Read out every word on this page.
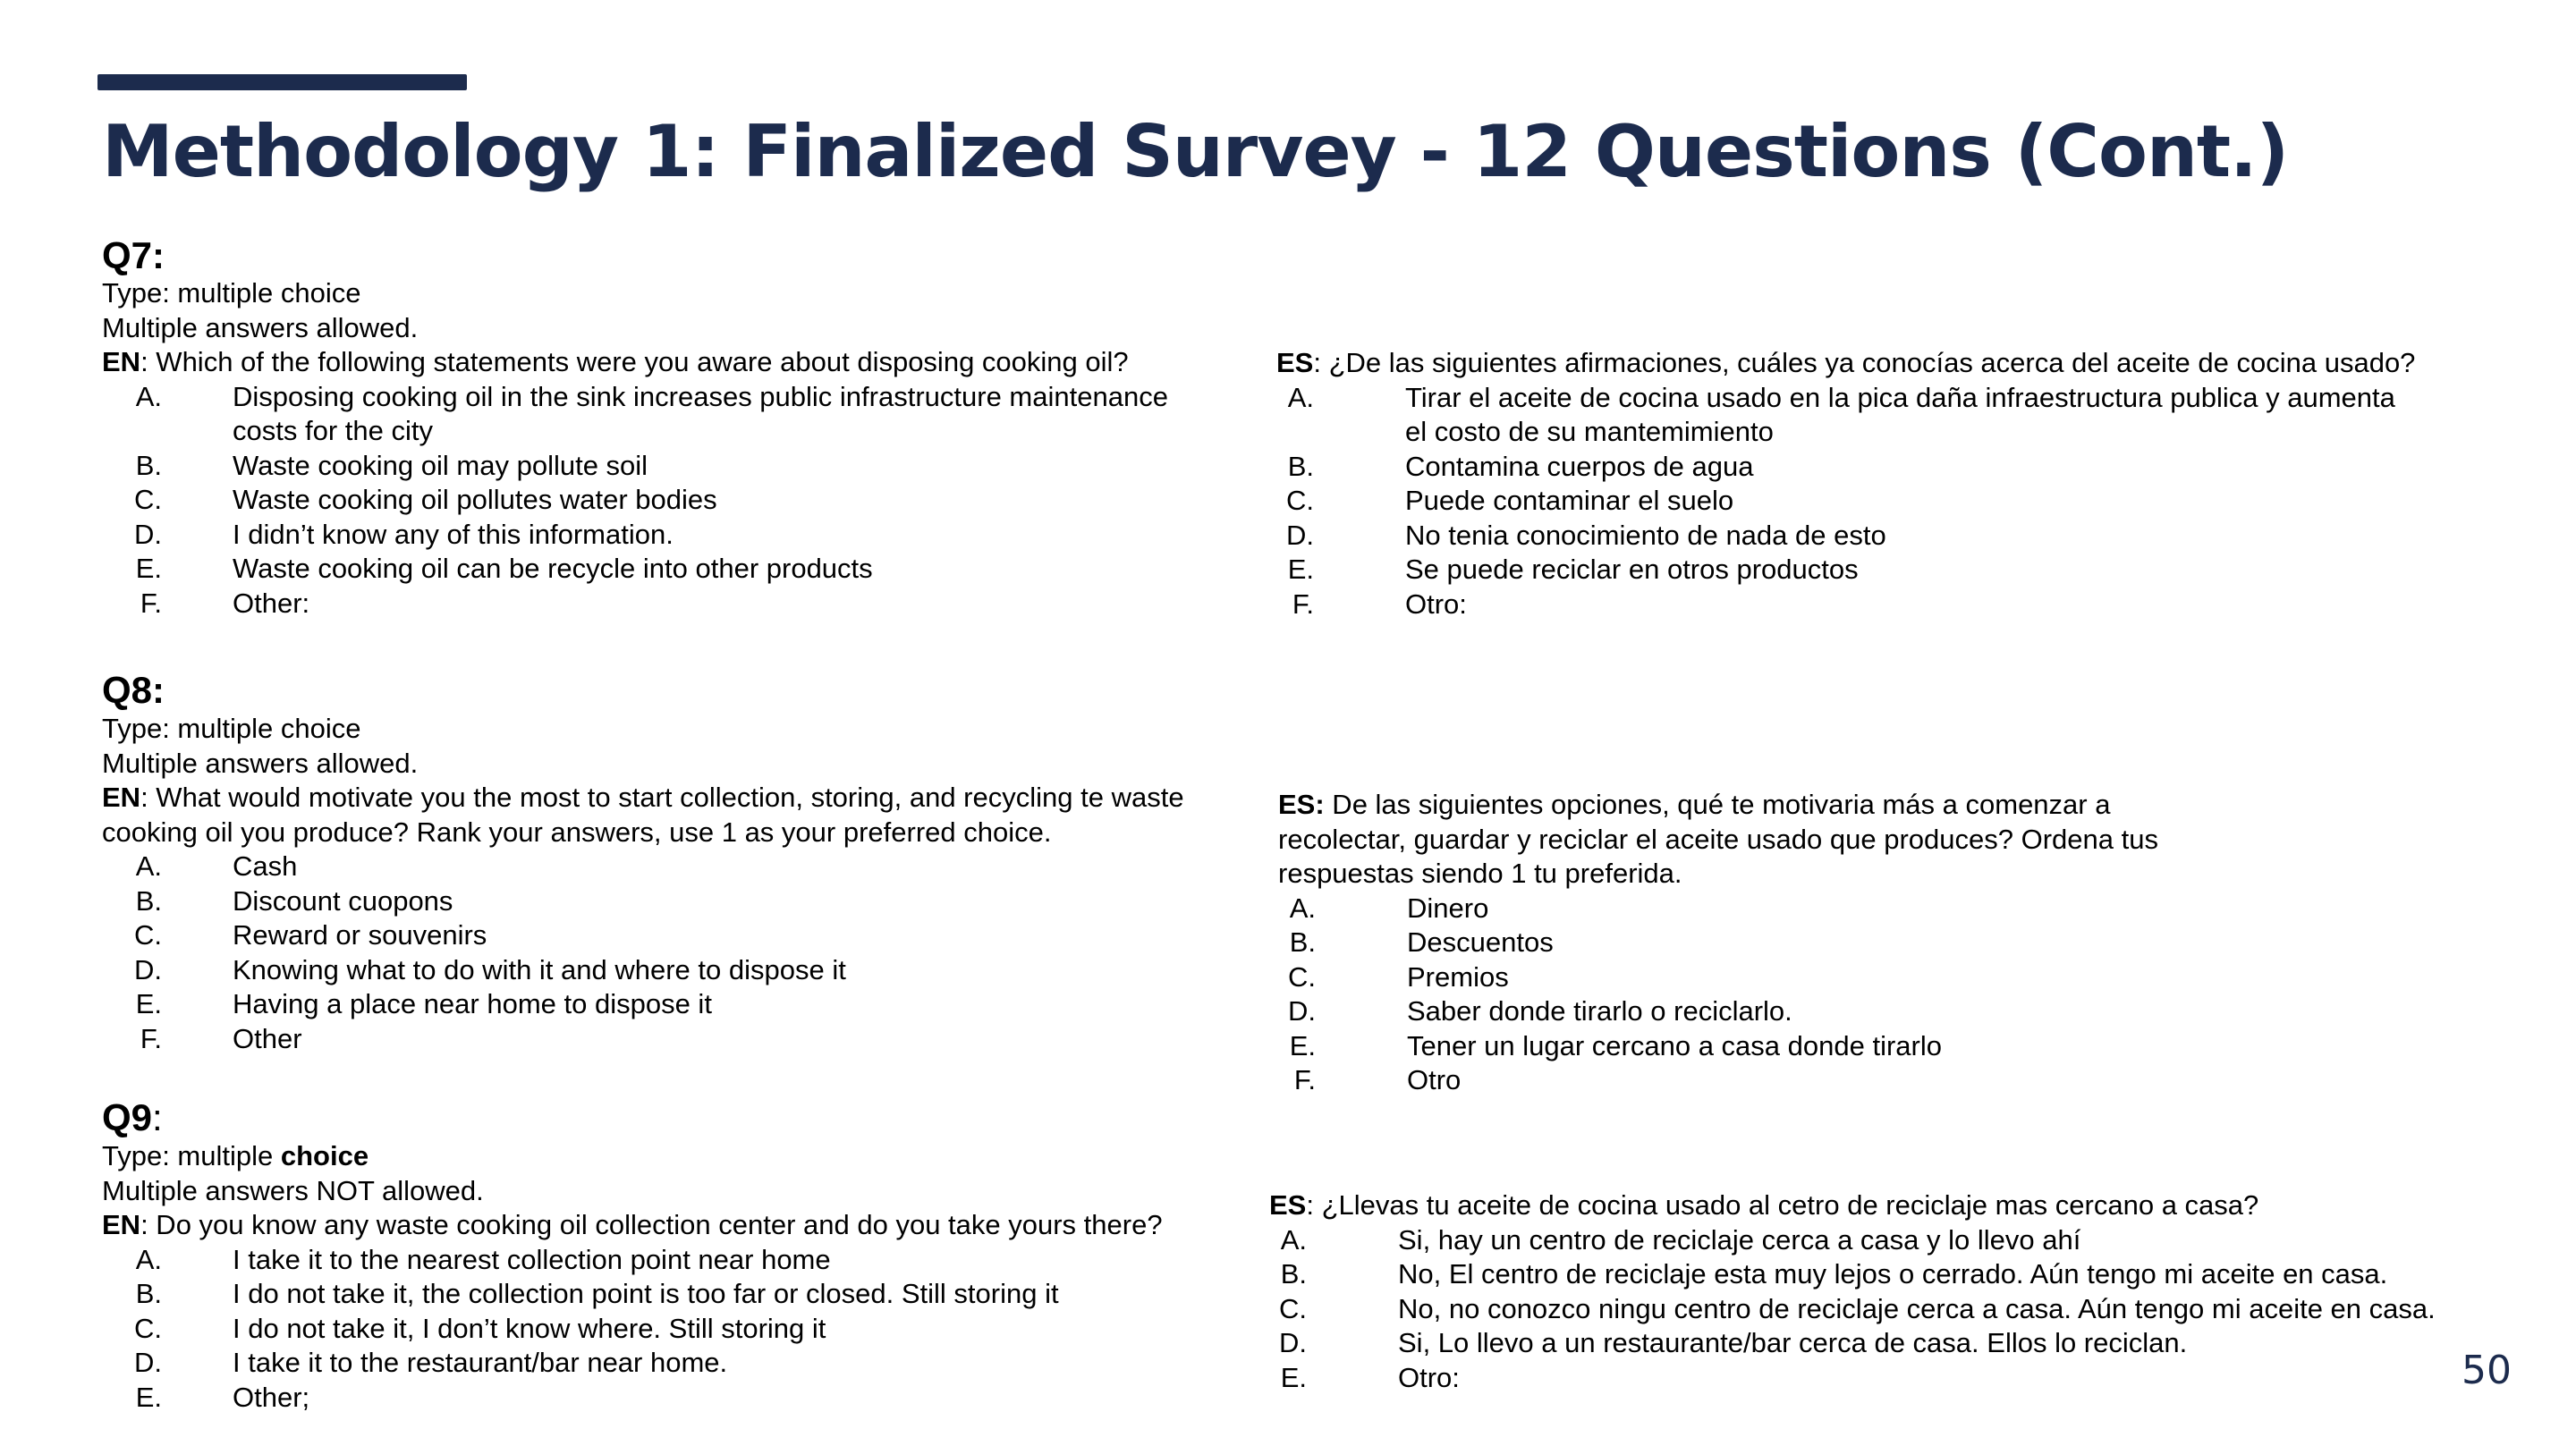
Methodology 1: Finalized Survey - 12 Questions (Cont.)
Q7:
Type: multiple choice
Multiple answers allowed.
EN: Which of the following statements were you aware about disposing cooking oil?
A.	Disposing cooking oil in the sink increases public infrastructure maintenance
costs for the city
B.	Waste cooking oil may pollute soil
C.	Waste cooking oil pollutes water bodies
D.	I didn’t know any of this information.
E.	Waste cooking oil can be recycle into other products
F.	Other:
ES: ¿De las siguientes afirmaciones, cuáles ya conocías acerca del aceite de cocina usado?
A.	Tirar el aceite de cocina usado en la pica daña infraestructura publica y aumenta
el costo de su mantemimiento
B.	Contamina cuerpos de agua
C.	Puede contaminar el suelo
D.	No tenia conocimiento de nada de esto
E.	Se puede reciclar en otros productos
F.	Otro:
Q8:
Type: multiple choice
Multiple answers allowed.
EN: What would motivate you the most to start collection, storing, and recycling te waste
cooking oil you produce? Rank your answers, use 1 as your preferred choice.
A.	Cash
B.	Discount cuopons
C.	Reward or souvenirs
D.	Knowing what to do with it and where to dispose it
E.	Having a place near home to dispose it
F.	Other
ES: De las siguientes opciones, qué te motivaria más a comenzar a
recolectar, guardar y reciclar el aceite usado que produces? Ordena tus
respuestas siendo 1 tu preferida.
A.	Dinero
B.	Descuentos
C.	Premios
D.	Saber donde tirarlo o reciclarlo.
E.	Tener un lugar cercano a casa donde tirarlo
F.	Otro
Q9:
Type: multiple choice
Multiple answers NOT allowed.
EN: Do you know any waste cooking oil collection center and do you take yours there?
A.	I take it to the nearest collection point near home
B.	I do not take it, the collection point is too far or closed. Still storing it
C.	I do not take it, I don’t know where. Still storing it
D.	I take it to the restaurant/bar near home.
E.	Other;
ES: ¿Llevas tu aceite de cocina usado al cetro de reciclaje mas cercano a casa?
A.	Si, hay un centro de reciclaje cerca a casa y lo llevo ahí
B.	No, El centro de reciclaje esta muy lejos o cerrado. Aún tengo mi aceite en casa.
C.	No, no conozco ningu centro de reciclaje cerca a casa. Aún tengo mi aceite en casa.
D.	Si, Lo llevo a un restaurante/bar cerca de casa. Ellos lo reciclan.
E.	Otro:	50
